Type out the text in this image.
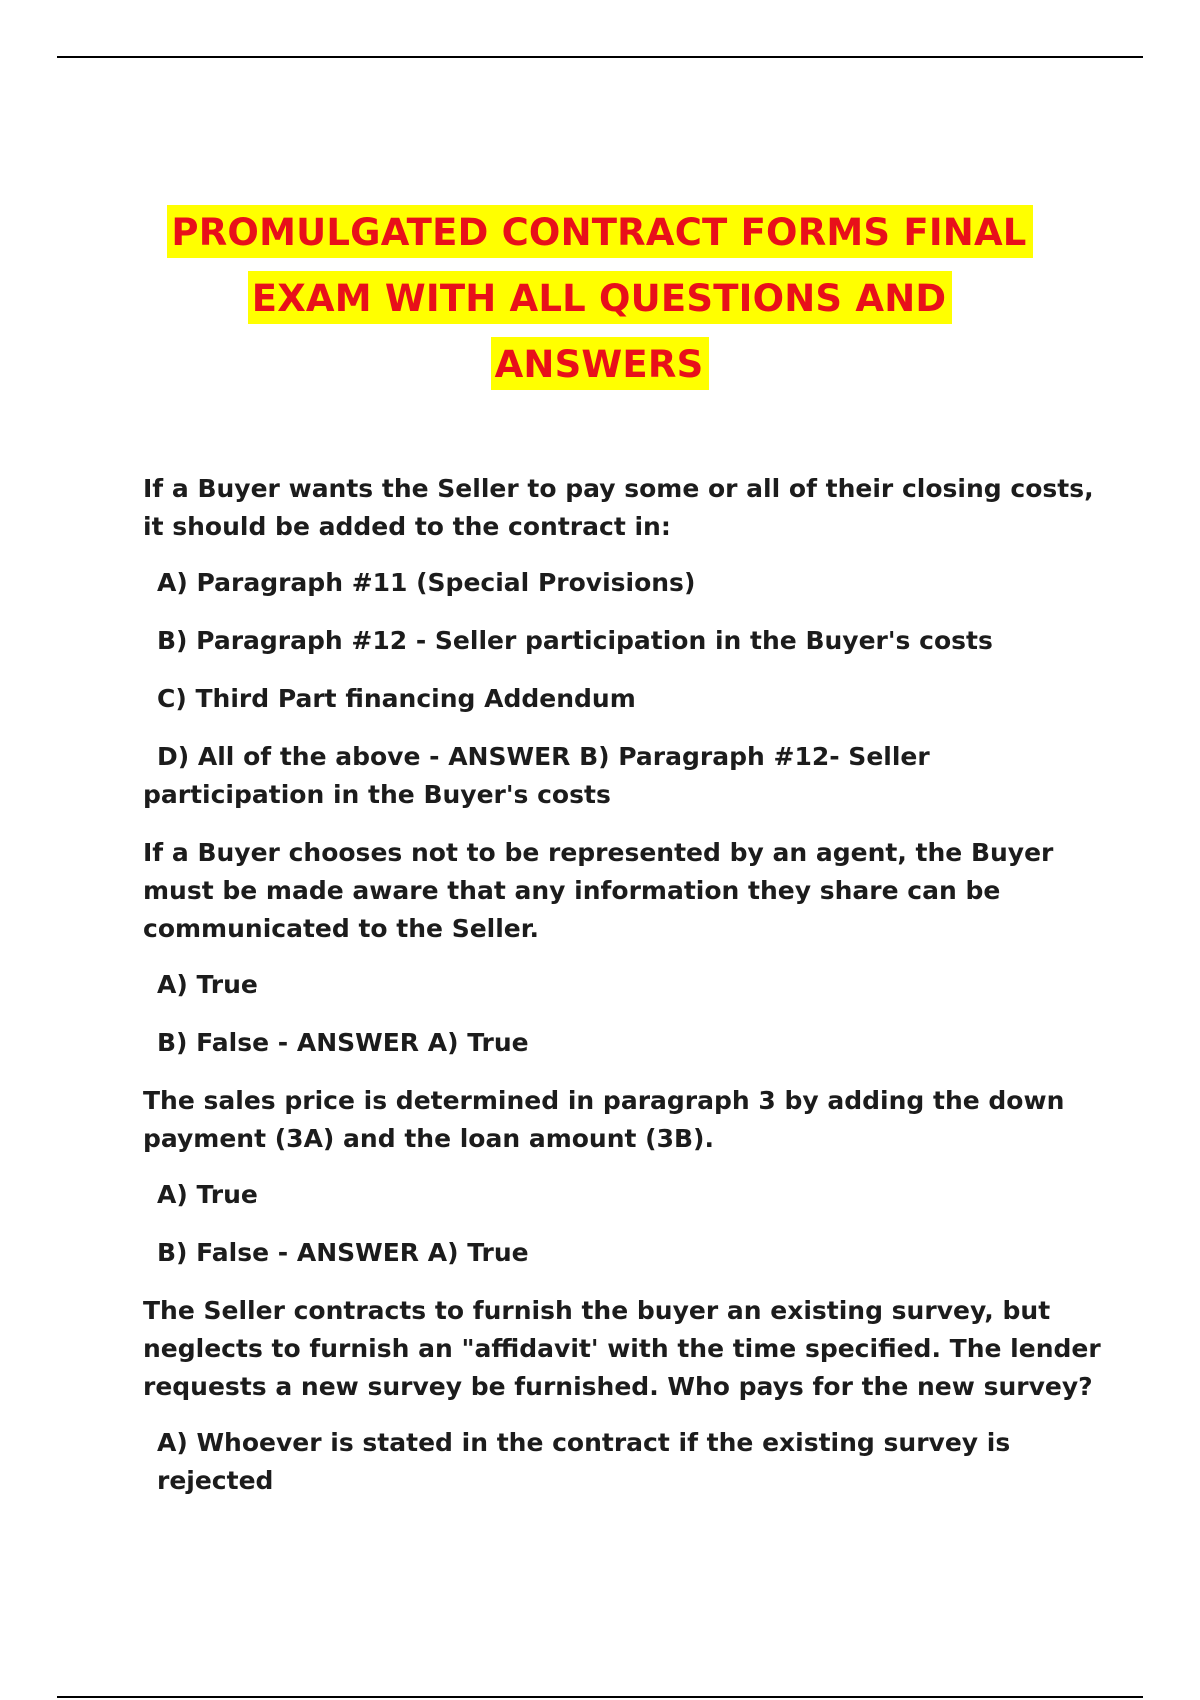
PROMULGATED CONTRACT FORMS FINAL
EXAM WITH ALL QUESTIONS AND
ANSWERS
If a Buyer wants the Seller to pay some or all of their closing costs, it should be added to the contract in:
A) Paragraph #11 (Special Provisions)
B) Paragraph #12 - Seller participation in the Buyer's costs
C) Third Part financing Addendum
D) All of the above - ANSWER B) Paragraph #12- Seller participation in the Buyer's costs
If a Buyer chooses not to be represented by an agent, the Buyer must be made aware that any information they share can be communicated to the Seller.
A) True
B) False - ANSWER A) True
The sales price is determined in paragraph 3 by adding the down payment (3A) and the loan amount (3B).
A) True
B) False - ANSWER A) True
The Seller contracts to furnish the buyer an existing survey, but neglects to furnish an "affidavit' with the time specified. The lender requests a new survey be furnished. Who pays for the new survey?
A) Whoever is stated in the contract if the existing survey is rejected
